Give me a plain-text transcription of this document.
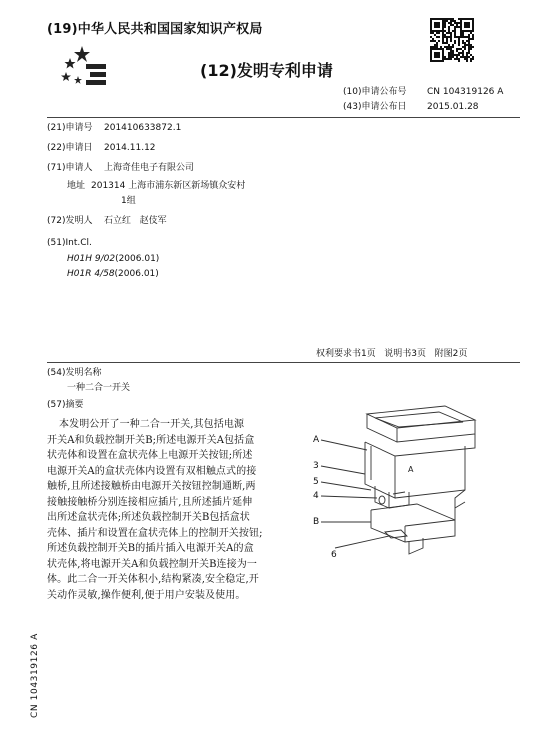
(19)中华人民共和国国家知识产权局
(12)发明专利申请
(10)申请公布号 CN 104319126 A
(43)申请公布日 2015.01.28
(21)申请号 201410633872.1
(22)申请日 2014.11.12
(71)申请人 上海奇佳电子有限公司
地址 201314 上海市浦东新区新场镇众安村
1组
(72)发明人 石立红   赵伎军
(51)Int.Cl.
H01H 9/02(2006.01)
H01R 4/58(2006.01)
权利要求书1页   说明书3页   附图2页
(54)发明名称
一种二合一开关
(57)摘要
本发明公开了一种二合一开关,其包括电源
开关A和负载控制开关B;所述电源开关A包括盒
状壳体和设置在盒状壳体上电源开关按钮;所述
电源开关A的盒状壳体内设置有双相触点式的接
触桥,且所述接触桥由电源开关按钮控制通断,两
接触接触桥分别连接相应插片,且所述插片延伸
出所述盒状壳体;所述负载控制开关B包括盒状
壳体、插片和设置在盒状壳体上的控制开关按钮;
所述负载控制开关B的插片插入电源开关A的盒
状壳体,将电源开关A和负载控制开关B连接为一
体。此二合一开关体积小,结构紧凑,安全稳定,开
关动作灵敏,操作便利,便于用户安装及使用。
A
A
3
5
4
B
6
CN 104319126 A
